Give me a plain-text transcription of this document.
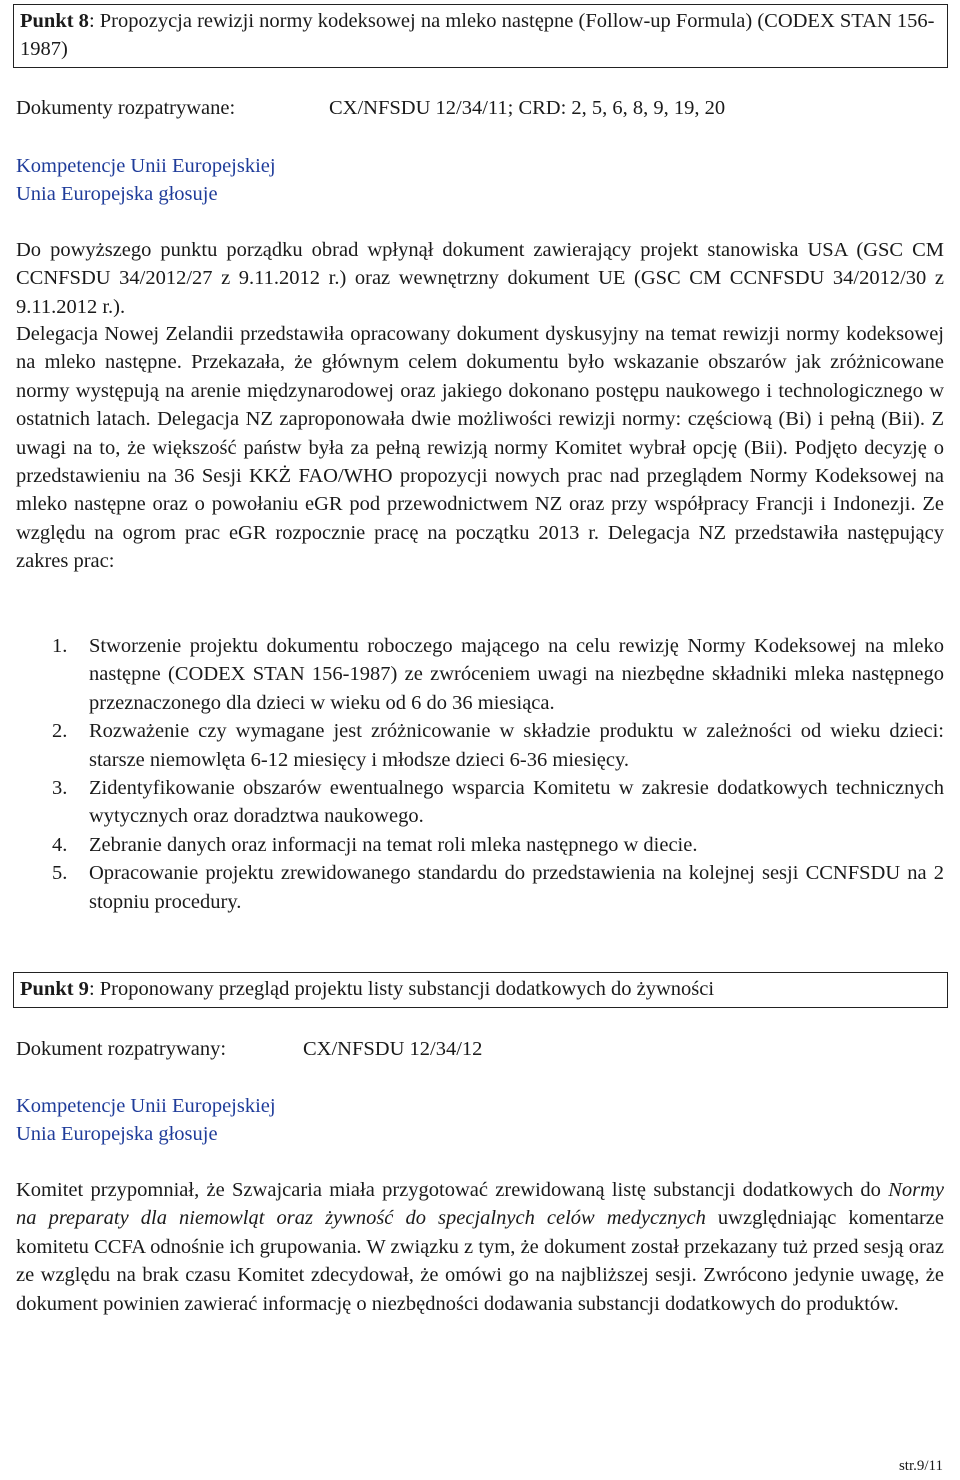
Punkt 8: Propozycja rewizji normy kodeksowej na mleko następne (Follow-up Formula) (CODEX STAN 156-1987)
Dokumenty rozpatrywane:	CX/NFSDU 12/34/11; CRD: 2, 5, 6, 8, 9, 19, 20
Kompetencje Unii Europejskiej
Unia Europejska głosuje
Do powyższego punktu porządku obrad wpłynął dokument zawierający projekt stanowiska USA (GSC CM CCNFSDU 34/2012/27 z 9.11.2012 r.) oraz wewnętrzny dokument UE (GSC CM CCNFSDU 34/2012/30 z 9.11.2012 r.).
Delegacja Nowej Zelandii przedstawiła opracowany dokument dyskusyjny na temat rewizji normy kodeksowej na mleko następne. Przekazała, że głównym celem dokumentu było wskazanie obszarów jak zróżnicowane normy występują na arenie międzynarodowej oraz jakiego dokonano postępu naukowego i technologicznego w ostatnich latach. Delegacja NZ zaproponowała dwie możliwości rewizji normy: częściową (Bi) i pełną (Bii). Z uwagi na to, że większość państw była za pełną rewizją normy Komitet wybrał opcję (Bii). Podjęto decyzję o przedstawieniu na 36 Sesji KKŻ FAO/WHO propozycji nowych prac nad przeglądem Normy Kodeksowej na mleko następne oraz o powołaniu eGR pod przewodnictwem NZ oraz przy współpracy Francji i Indonezji. Ze względu na ogrom prac eGR rozpocznie pracę na początku 2013 r. Delegacja NZ przedstawiła następujący zakres prac:
1. Stworzenie projektu dokumentu roboczego mającego na celu rewizję Normy Kodeksowej na mleko następne (CODEX STAN 156-1987) ze zwróceniem uwagi na niezbędne składniki mleka następnego przeznaczonego dla dzieci w wieku od 6 do 36 miesiąca.
2. Rozważenie czy wymagane jest zróżnicowanie w składzie produktu w zależności od wieku dzieci: starsze niemowlęta 6-12 miesięcy i młodsze dzieci 6-36 miesięcy.
3. Zidentyfikowanie obszarów ewentualnego wsparcia Komitetu w zakresie dodatkowych technicznych wytycznych oraz doradztwa naukowego.
4. Zebranie danych oraz informacji na temat roli mleka następnego w diecie.
5. Opracowanie projektu zrewidowanego standardu do przedstawienia na kolejnej sesji CCNFSDU na 2 stopniu procedury.
Punkt 9: Proponowany przegląd projektu listy substancji dodatkowych do żywności
Dokument rozpatrywany:	CX/NFSDU 12/34/12
Kompetencje Unii Europejskiej
Unia Europejska głosuje
Komitet przypomniał, że Szwajcaria miała przygotować zrewidowaną listę substancji dodatkowych do Normy na preparaty dla niemowląt oraz żywność do specjalnych celów medycznych uwzględniając komentarze komitetu CCFA odnośnie ich grupowania. W związku z tym, że dokument został przekazany tuż przed sesją oraz ze względu na brak czasu Komitet zdecydował, że omówi go na najbliższej sesji. Zwrócono jedynie uwagę, że dokument powinien zawierać informację o niezbędności dodawania substancji dodatkowych do produktów.
str.9/11
